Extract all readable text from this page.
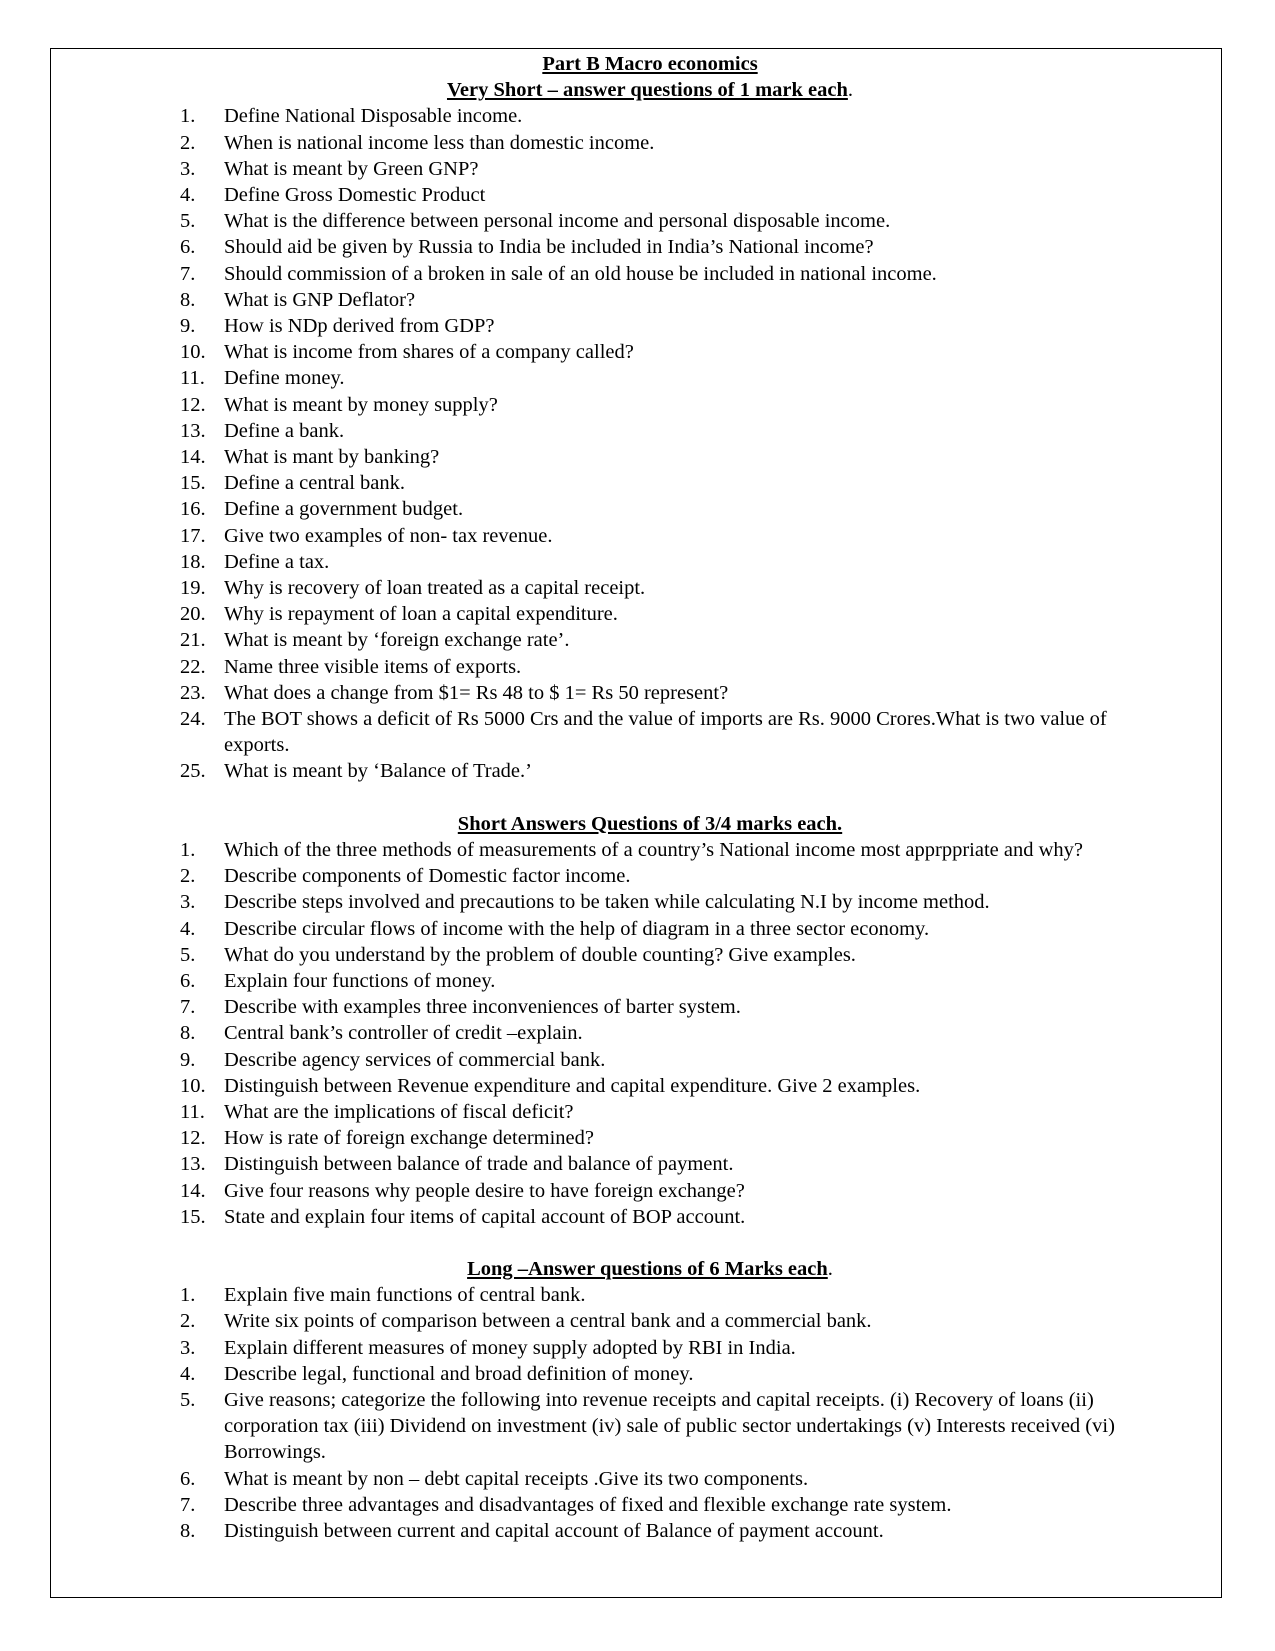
Part B Macro economics

Very Short – answer questions of 1 mark each.

1.	Define National Disposable income.
2.	When is national income less than domestic income.
3.	What is meant by Green GNP?
4.	Define Gross Domestic Product
5.	What is the difference between personal income and personal disposable income.
6.	Should aid be given by Russia to India be included in India’s National income?
7.	Should commission of a broken in sale of an old house be included in national income.
8.	What is GNP Deflator?
9.	How is NDp derived from GDP?
10. What is income from shares of a company called?
11. Define money.
12. What is meant by money supply?
13. Define a bank.
14. What is mant by banking?
15. Define a central bank.
16. Define a government budget.
17. Give two examples of non- tax revenue.
18. Define a tax.
19. Why is recovery of loan treated as a capital receipt.
20. Why is repayment of loan a capital expenditure.
21. What is meant by ‘foreign exchange rate’.
22. Name three visible items of exports.
23. What does a change from $1= Rs 48 to $ 1= Rs 50 represent?
24. The BOT shows a deficit of Rs 5000 Crs and the value of imports are Rs. 9000 Crores.What is two value of exports.
25. What is meant by ‘Balance of Trade.’

Short Answers Questions of 3/4 marks each.

1.	Which of the three methods of measurements of a country’s National income most apprppriate and why?
2.	Describe components of Domestic factor income.
3.	Describe steps involved and precautions to be taken while calculating N.I by income method.
4.	Describe circular flows of income with the help of diagram in a three sector economy.
5.	What do you understand by the problem of double counting? Give examples.
6.	Explain four functions of money.
7.	Describe with examples three inconveniences of barter system.
8.	Central bank’s controller of credit –explain.
9.	Describe agency services of commercial bank.
10. Distinguish between Revenue expenditure and capital expenditure. Give 2 examples.
11. What are the implications of fiscal deficit?
12. How is rate of foreign exchange determined?
13. Distinguish between balance of trade and balance of payment.
14. Give four reasons why people desire to have foreign exchange?
15. State and explain four items of capital account of BOP account.

Long –Answer questions of 6 Marks each.

1.	Explain five main functions of central bank.
2.	Write six points of comparison between a central bank and a commercial bank.
3.	Explain different measures of money supply adopted by RBI in India.
4.	Describe legal, functional and broad definition of money.
5.	Give reasons; categorize the following into revenue receipts and capital receipts. (i) Recovery of loans (ii) corporation tax (iii) Dividend on investment (iv) sale of public sector undertakings (v) Interests received (vi) Borrowings.
6.	What is meant by non – debt capital receipts .Give its two components.
7.	Describe three advantages and disadvantages of fixed and flexible exchange rate system.
8.	Distinguish between current and capital account of Balance of payment account.
